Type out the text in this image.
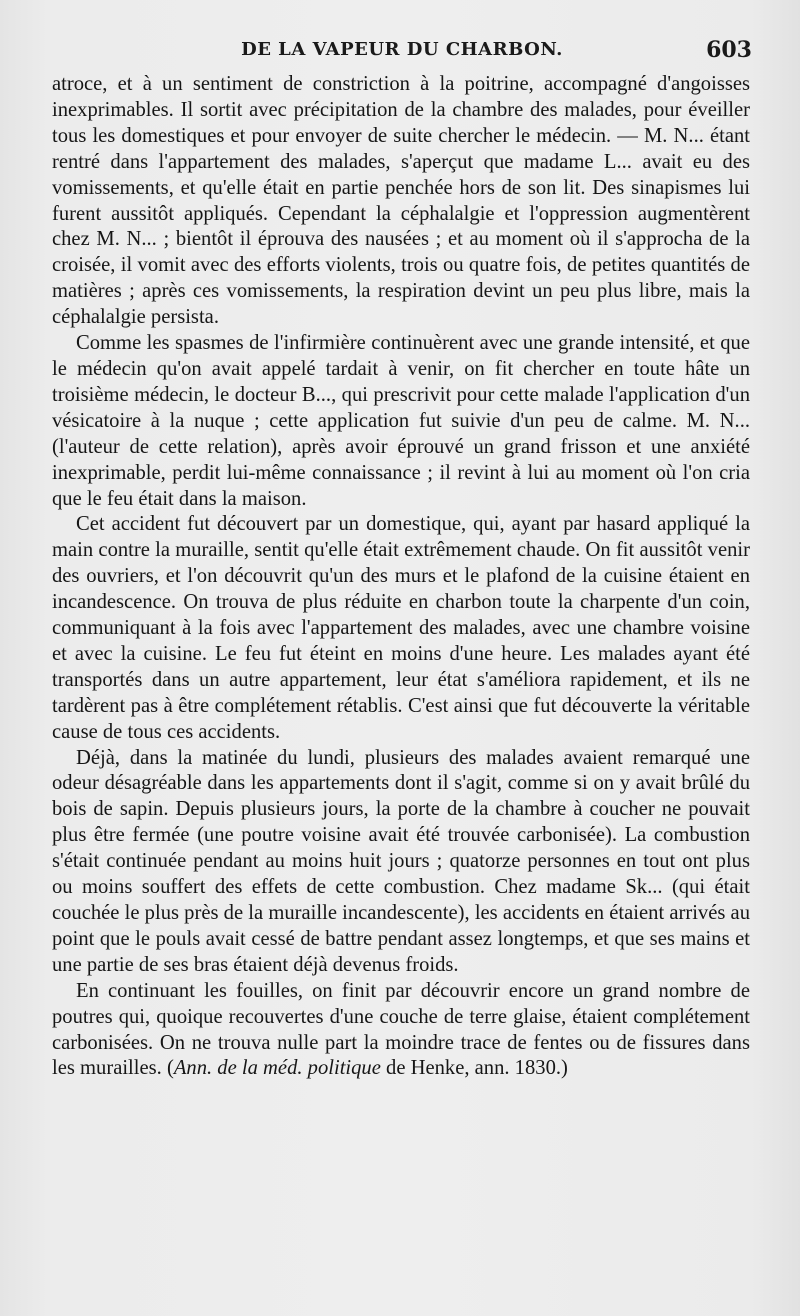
DE LA VAPEUR DU CHARBON.	603

atroce, et à un sentiment de constriction à la poitrine, accompagné d'angoisses inexprimables. Il sortit avec précipitation de la chambre des malades, pour éveiller tous les domestiques et pour envoyer de suite chercher le médecin. — M. N... étant rentré dans l'appartement des malades, s'aperçut que madame L... avait eu des vomissements, et qu'elle était en partie penchée hors de son lit. Des sinapismes lui furent aussitôt appliqués. Cependant la céphalalgie et l'oppression augmentèrent chez M. N... ; bientôt il éprouva des nausées ; et au moment où il s'approcha de la croisée, il vomit avec des efforts violents, trois ou quatre fois, de petites quantités de matières ; après ces vomissements, la respiration devint un peu plus libre, mais la céphalalgie persista.

Comme les spasmes de l'infirmière continuèrent avec une grande intensité, et que le médecin qu'on avait appelé tardait à venir, on fit chercher en toute hâte un troisième médecin, le docteur B..., qui prescrivit pour cette malade l'application d'un vésicatoire à la nuque ; cette application fut suivie d'un peu de calme. M. N... (l'auteur de cette relation), après avoir éprouvé un grand frisson et une anxiété inexprimable, perdit lui-même connaissance ; il revint à lui au moment où l'on cria que le feu était dans la maison.

Cet accident fut découvert par un domestique, qui, ayant par hasard appliqué la main contre la muraille, sentit qu'elle était extrêmement chaude. On fit aussitôt venir des ouvriers, et l'on découvrit qu'un des murs et le plafond de la cuisine étaient en incandescence. On trouva de plus réduite en charbon toute la charpente d'un coin, communiquant à la fois avec l'appartement des malades, avec une chambre voisine et avec la cuisine. Le feu fut éteint en moins d'une heure. Les malades ayant été transportés dans un autre appartement, leur état s'améliora rapidement, et ils ne tardèrent pas à être complétement rétablis. C'est ainsi que fut découverte la véritable cause de tous ces accidents.

Déjà, dans la matinée du lundi, plusieurs des malades avaient remarqué une odeur désagréable dans les appartements dont il s'agit, comme si on y avait brûlé du bois de sapin. Depuis plusieurs jours, la porte de la chambre à coucher ne pouvait plus être fermée (une poutre voisine avait été trouvée carbonisée). La combustion s'était continuée pendant au moins huit jours ; quatorze personnes en tout ont plus ou moins souffert des effets de cette combustion. Chez madame Sk... (qui était couchée le plus près de la muraille incandescente), les accidents en étaient arrivés au point que le pouls avait cessé de battre pendant assez longtemps, et que ses mains et une partie de ses bras étaient déjà devenus froids.

En continuant les fouilles, on finit par découvrir encore un grand nombre de poutres qui, quoique recouvertes d'une couche de terre glaise, étaient complétement carbonisées. On ne trouva nulle part la moindre trace de fentes ou de fissures dans les murailles. (Ann. de la méd. politique de Henke, ann. 1830.)
